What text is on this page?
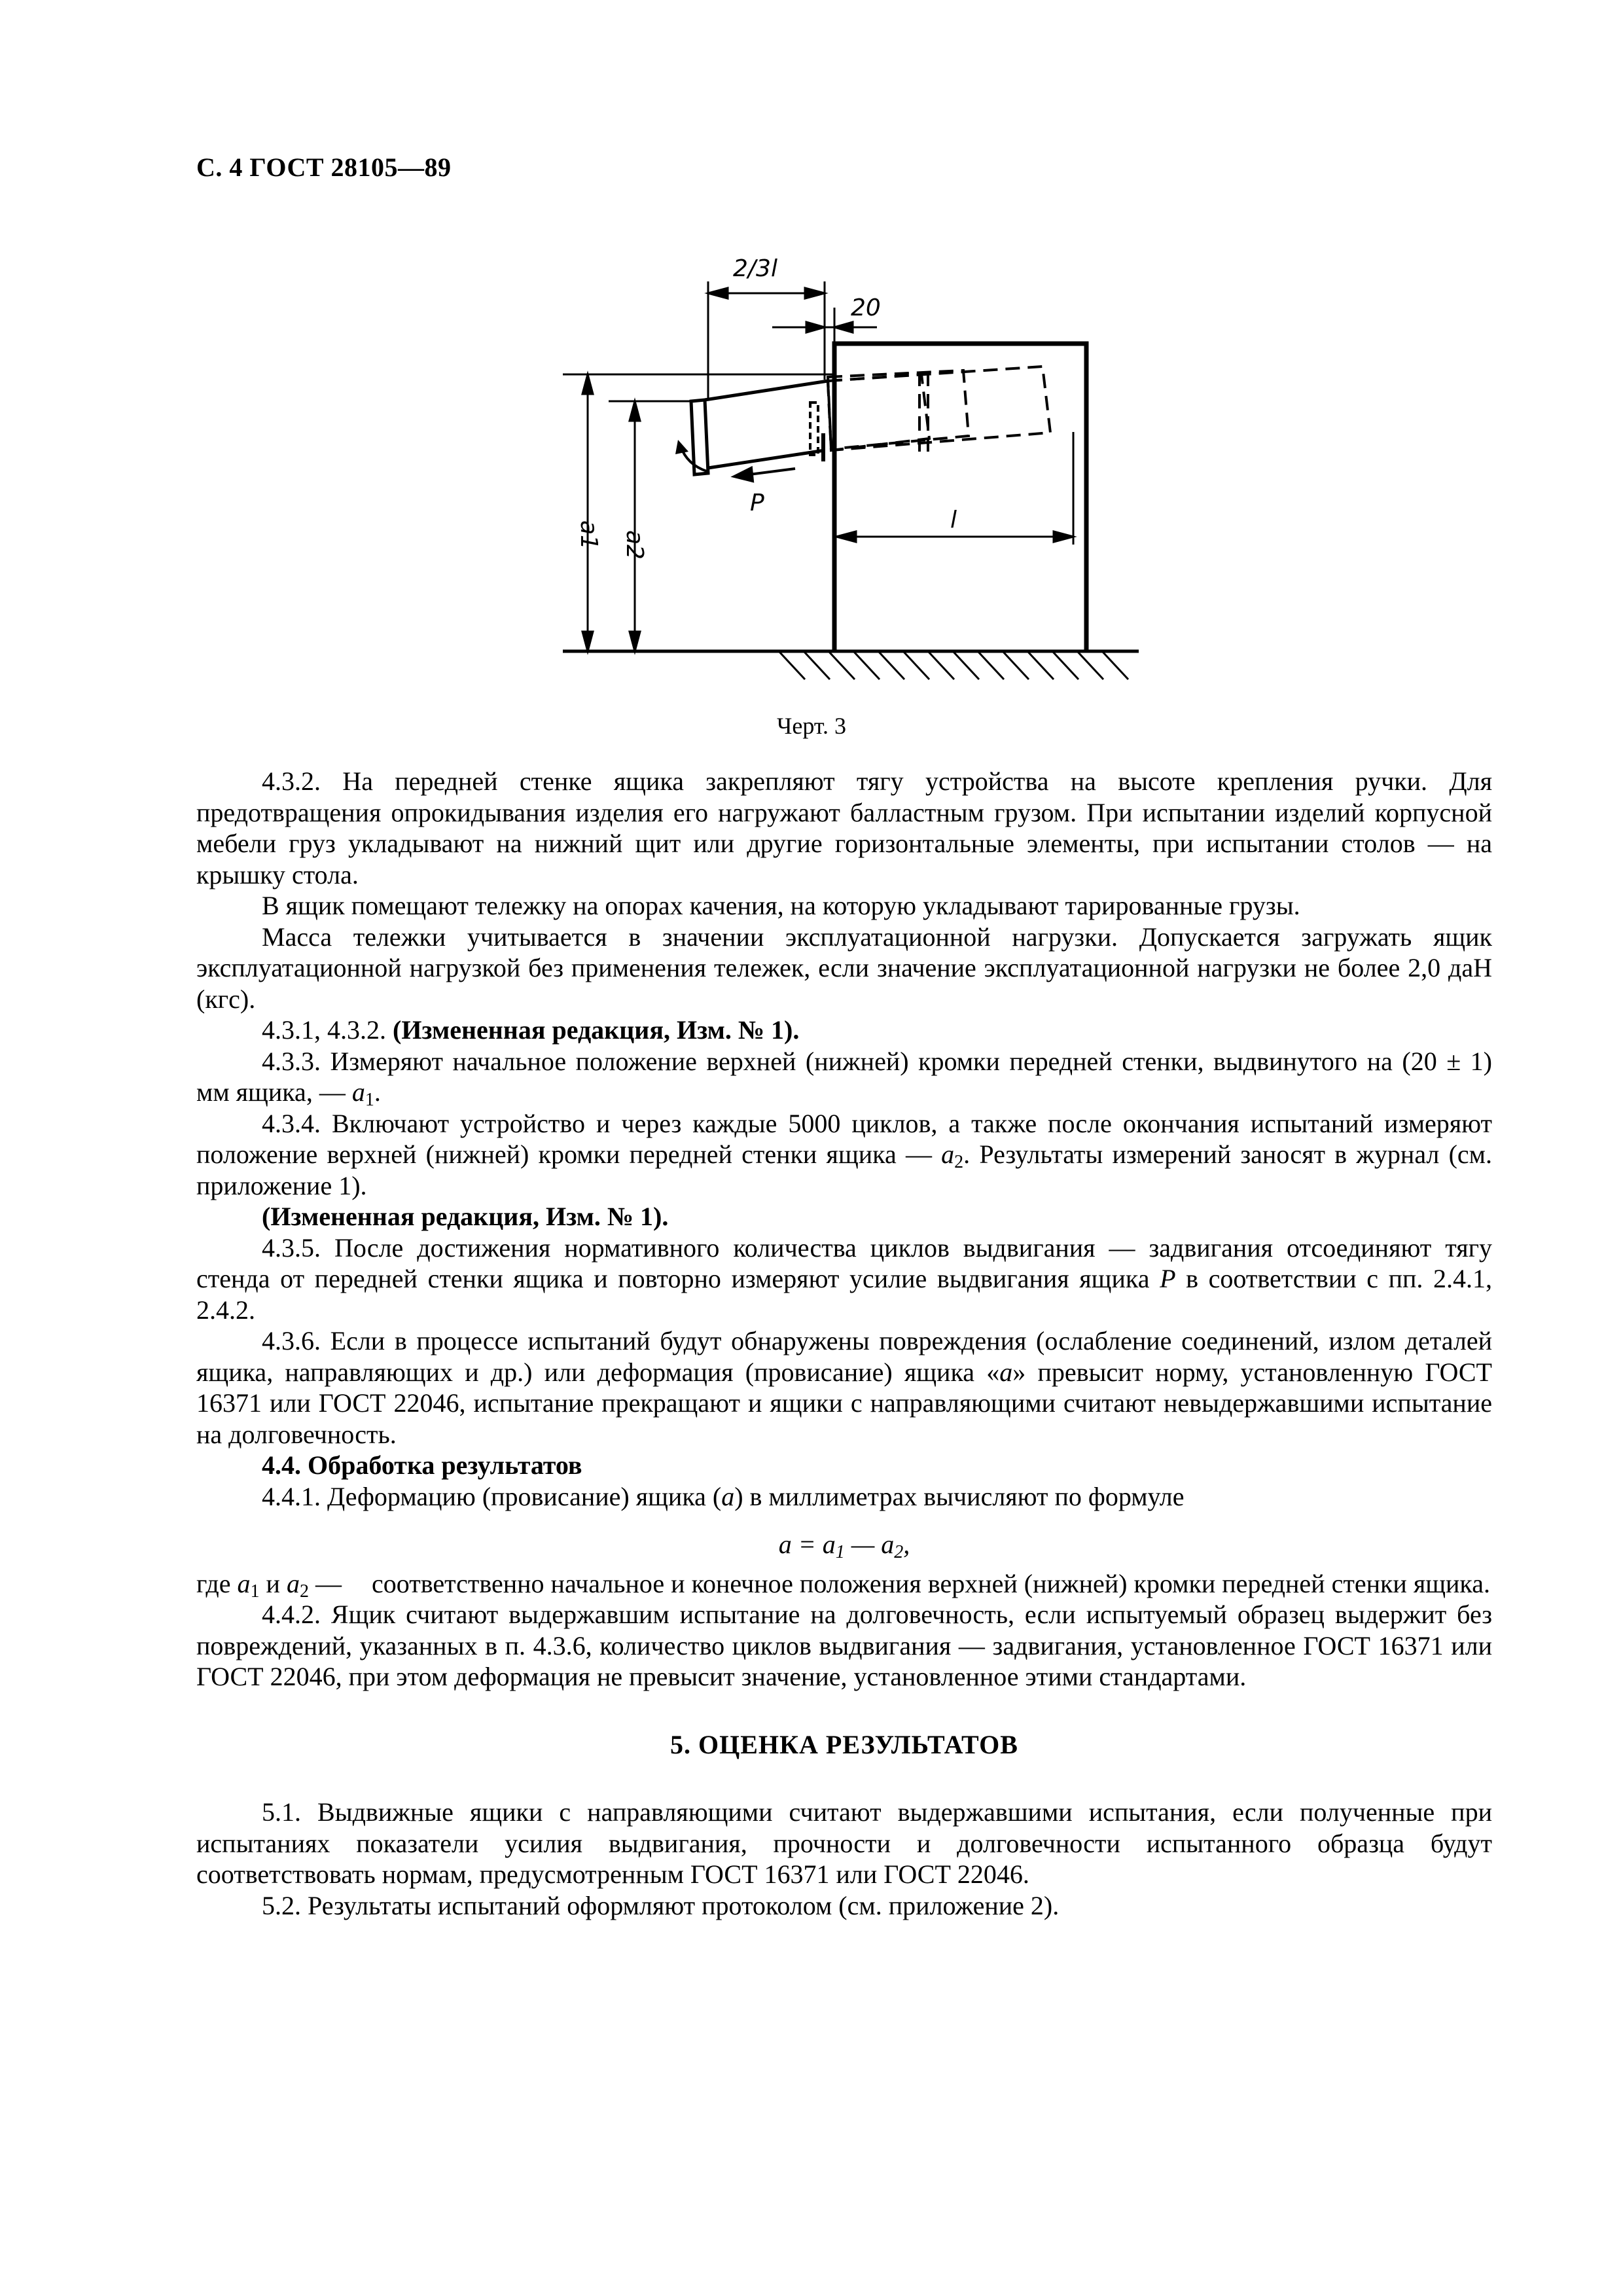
С. 4 ГОСТ 28105—89
2/3l
20
l
P
a1 a2
Черт. 3

4.3.2. На передней стенке ящика закрепляют тягу устройства на высоте крепления ручки. Для предотвращения опрокидывания изделия его нагружают балластным грузом. При испытании изделий корпусной мебели груз укладывают на нижний щит или другие горизонтальные элементы, при испытании столов — на крышку стола.

В ящик помещают тележку на опорах качения, на которую укладывают тарированные грузы.

Масса тележки учитывается в значении эксплуатационной нагрузки. Допускается загружать ящик эксплуатационной нагрузкой без применения тележек, если значение эксплуатационной нагрузки не более 2,0 даН (кгс).

4.3.1, 4.3.2. (Измененная редакция, Изм. № 1).

4.3.3. Измеряют начальное положение верхней (нижней) кромки передней стенки, выдвинутого на (20 ± 1) мм ящика, — $a_1$.

4.3.4. Включают устройство и через каждые 5000 циклов, а также после окончания испытаний измеряют положение верхней (нижней) кромки передней стенки ящика — $a_2$. Результаты измерений заносят в журнал (см. приложение 1).

(Измененная редакция, Изм. № 1).

4.3.5. После достижения нормативного количества циклов выдвигания — задвигания отсоединяют тягу стенда от передней стенки ящика и повторно измеряют усилие выдвигания ящика P в соответствии с пп. 2.4.1, 2.4.2.

4.3.6. Если в процессе испытаний будут обнаружены повреждения (ослабление соединений, излом деталей ящика, направляющих и др.) или деформация (провисание) ящика «a» превысит норму, установленную ГОСТ 16371 или ГОСТ 22046, испытание прекращают и ящики с направляющими считают невыдержавшими испытание на долговечность.

4.4. Обработка результатов

4.4.1. Деформацию (провисание) ящика (a) в миллиметрах вычисляют по формуле

$a = a_1$ — $a_2$,

где $a_1$ и $a_2$ —	соответственно начальное и конечное положения верхней (нижней) кромки передней стенки ящика.

4.4.2. Ящик считают выдержавшим испытание на долговечность, если испытуемый образец выдержит без повреждений, указанных в п. 4.3.6, количество циклов выдвигания — задвигания, установленное ГОСТ 16371 или ГОСТ 22046, при этом деформация не превысит значение, установленное этими стандартами.

5. ОЦЕНКА РЕЗУЛЬТАТОВ

5.1. Выдвижные ящики с направляющими считают выдержавшими испытания, если полученные при испытаниях показатели усилия выдвигания, прочности и долговечности испытанного образца будут соответствовать нормам, предусмотренным ГОСТ 16371 или ГОСТ 22046.

5.2. Результаты испытаний оформляют протоколом (см. приложение 2).
